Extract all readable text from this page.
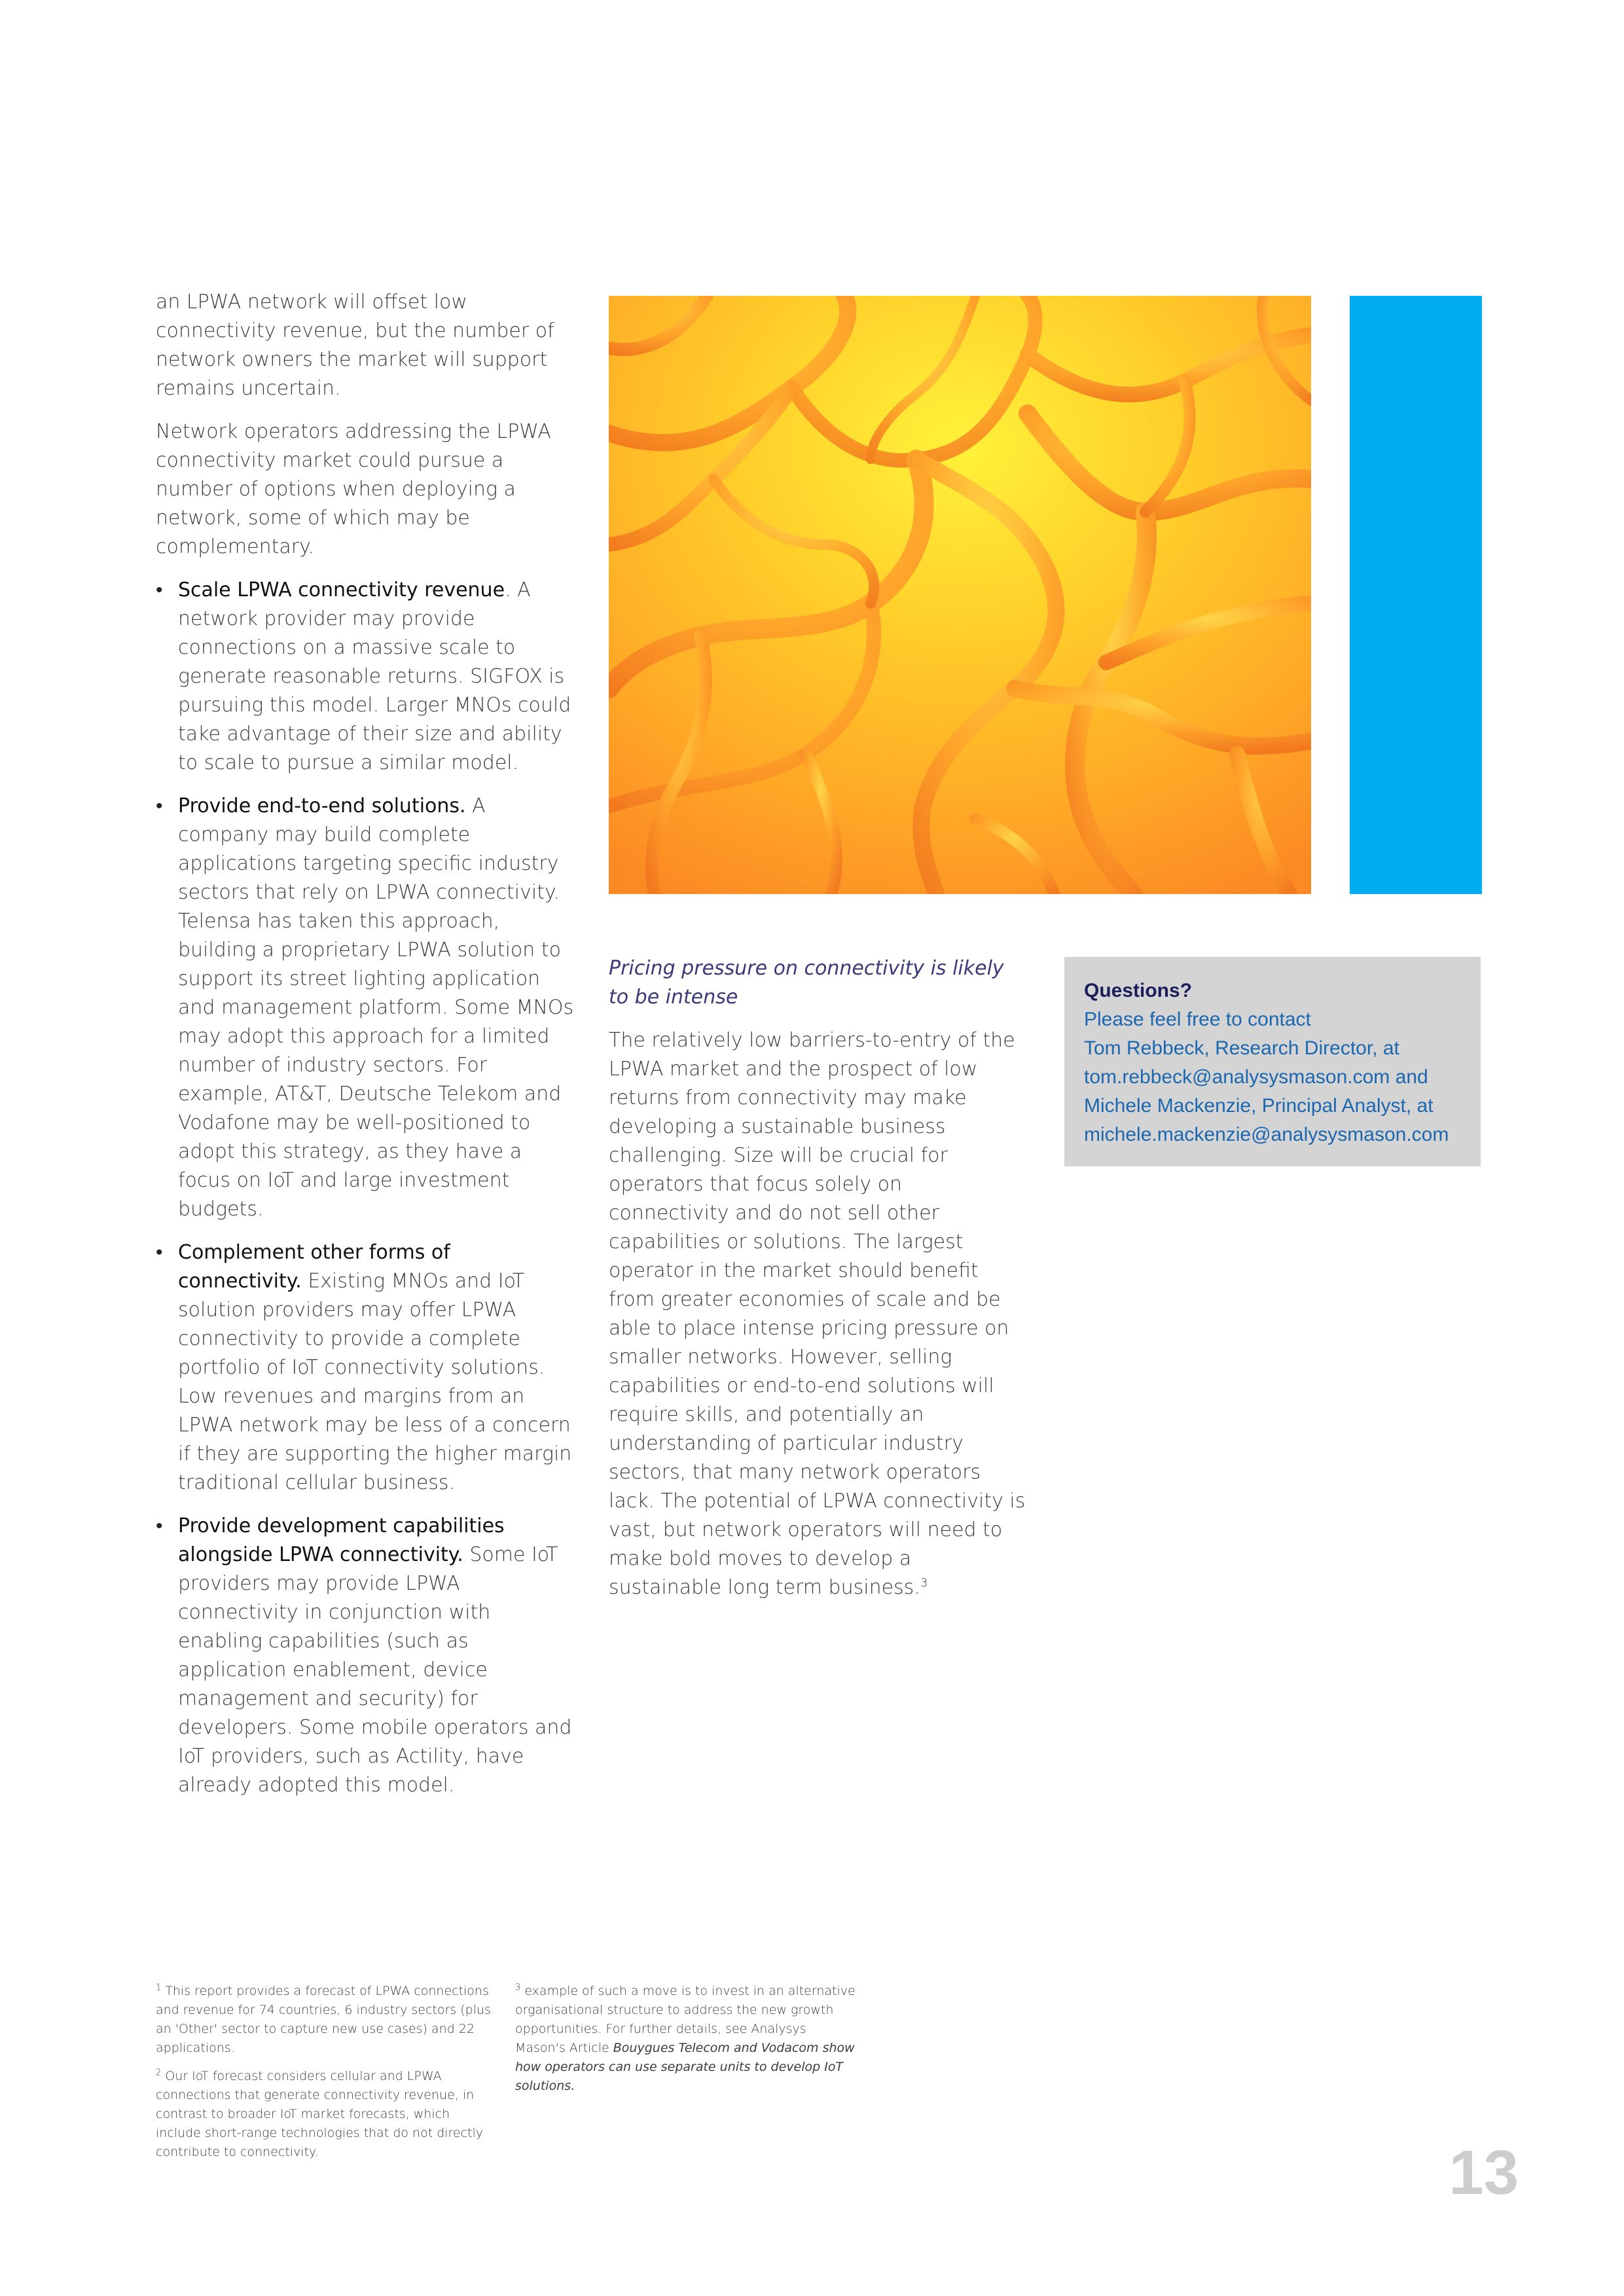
an LPWA network will offset low connectivity revenue, but the number of network owners the market will support remains uncertain.

Network operators addressing the LPWA connectivity market could pursue a number of options when deploying a network, some of which may be complementary.

• Scale LPWA connectivity revenue. A network provider may provide connections on a massive scale to generate reasonable returns. SIGFOX is pursuing this model. Larger MNOs could take advantage of their size and ability to scale to pursue a similar model.
• Provide end-to-end solutions. A company may build complete applications targeting specific industry sectors that rely on LPWA connectivity. Telensa has taken this approach, building a proprietary LPWA solution to support its street lighting application and management platform. Some MNOs may adopt this approach for a limited number of industry sectors. For example, AT&T, Deutsche Telekom and Vodafone may be well-positioned to adopt this strategy, as they have a focus on IoT and large investment budgets.
• Complement other forms of connectivity. Existing MNOs and IoT solution providers may offer LPWA connectivity to provide a complete portfolio of IoT connectivity solutions. Low revenues and margins from an LPWA network may be less of a concern if they are supporting the higher margin traditional cellular business.
• Provide development capabilities alongside LPWA connectivity. Some IoT providers may provide LPWA connectivity in conjunction with enabling capabilities (such as application enablement, device management and security) for developers. Some mobile operators and IoT providers, such as Actility, have already adopted this model.

Pricing pressure on connectivity is likely to be intense

The relatively low barriers-to-entry of the LPWA market and the prospect of low returns from connectivity may make developing a sustainable business challenging. Size will be crucial for operators that focus solely on connectivity and do not sell other capabilities or solutions. The largest operator in the market should benefit from greater economies of scale and be able to place intense pricing pressure on smaller networks. However, selling capabilities or end-to-end solutions will require skills, and potentially an understanding of particular industry sectors, that many network operators lack. The potential of LPWA connectivity is vast, but network operators will need to make bold moves to develop a sustainable long term business.$^3$

Questions?
Please feel free to contact
Tom Rebbeck, Research Director, at
tom.rebbeck@analysysmason.com and
Michele Mackenzie, Principal Analyst, at
michele.mackenzie@analysysmason.com

$^1$ This report provides a forecast of LPWA connections and revenue for 74 countries, 6 industry sectors (plus an 'Other' sector to capture new use cases) and 22 applications.

$^2$ Our IoT forecast considers cellular and LPWA connections that generate connectivity revenue, in contrast to broader IoT market forecasts, which include short-range technologies that do not directly contribute to connectivity.

$^3$ example of such a move is to invest in an alternative organisational structure to address the new growth opportunities. For further details, see Analysys Mason's Article Bouygues Telecom and Vodacom show how operators can use separate units to develop IoT solutions.

13
